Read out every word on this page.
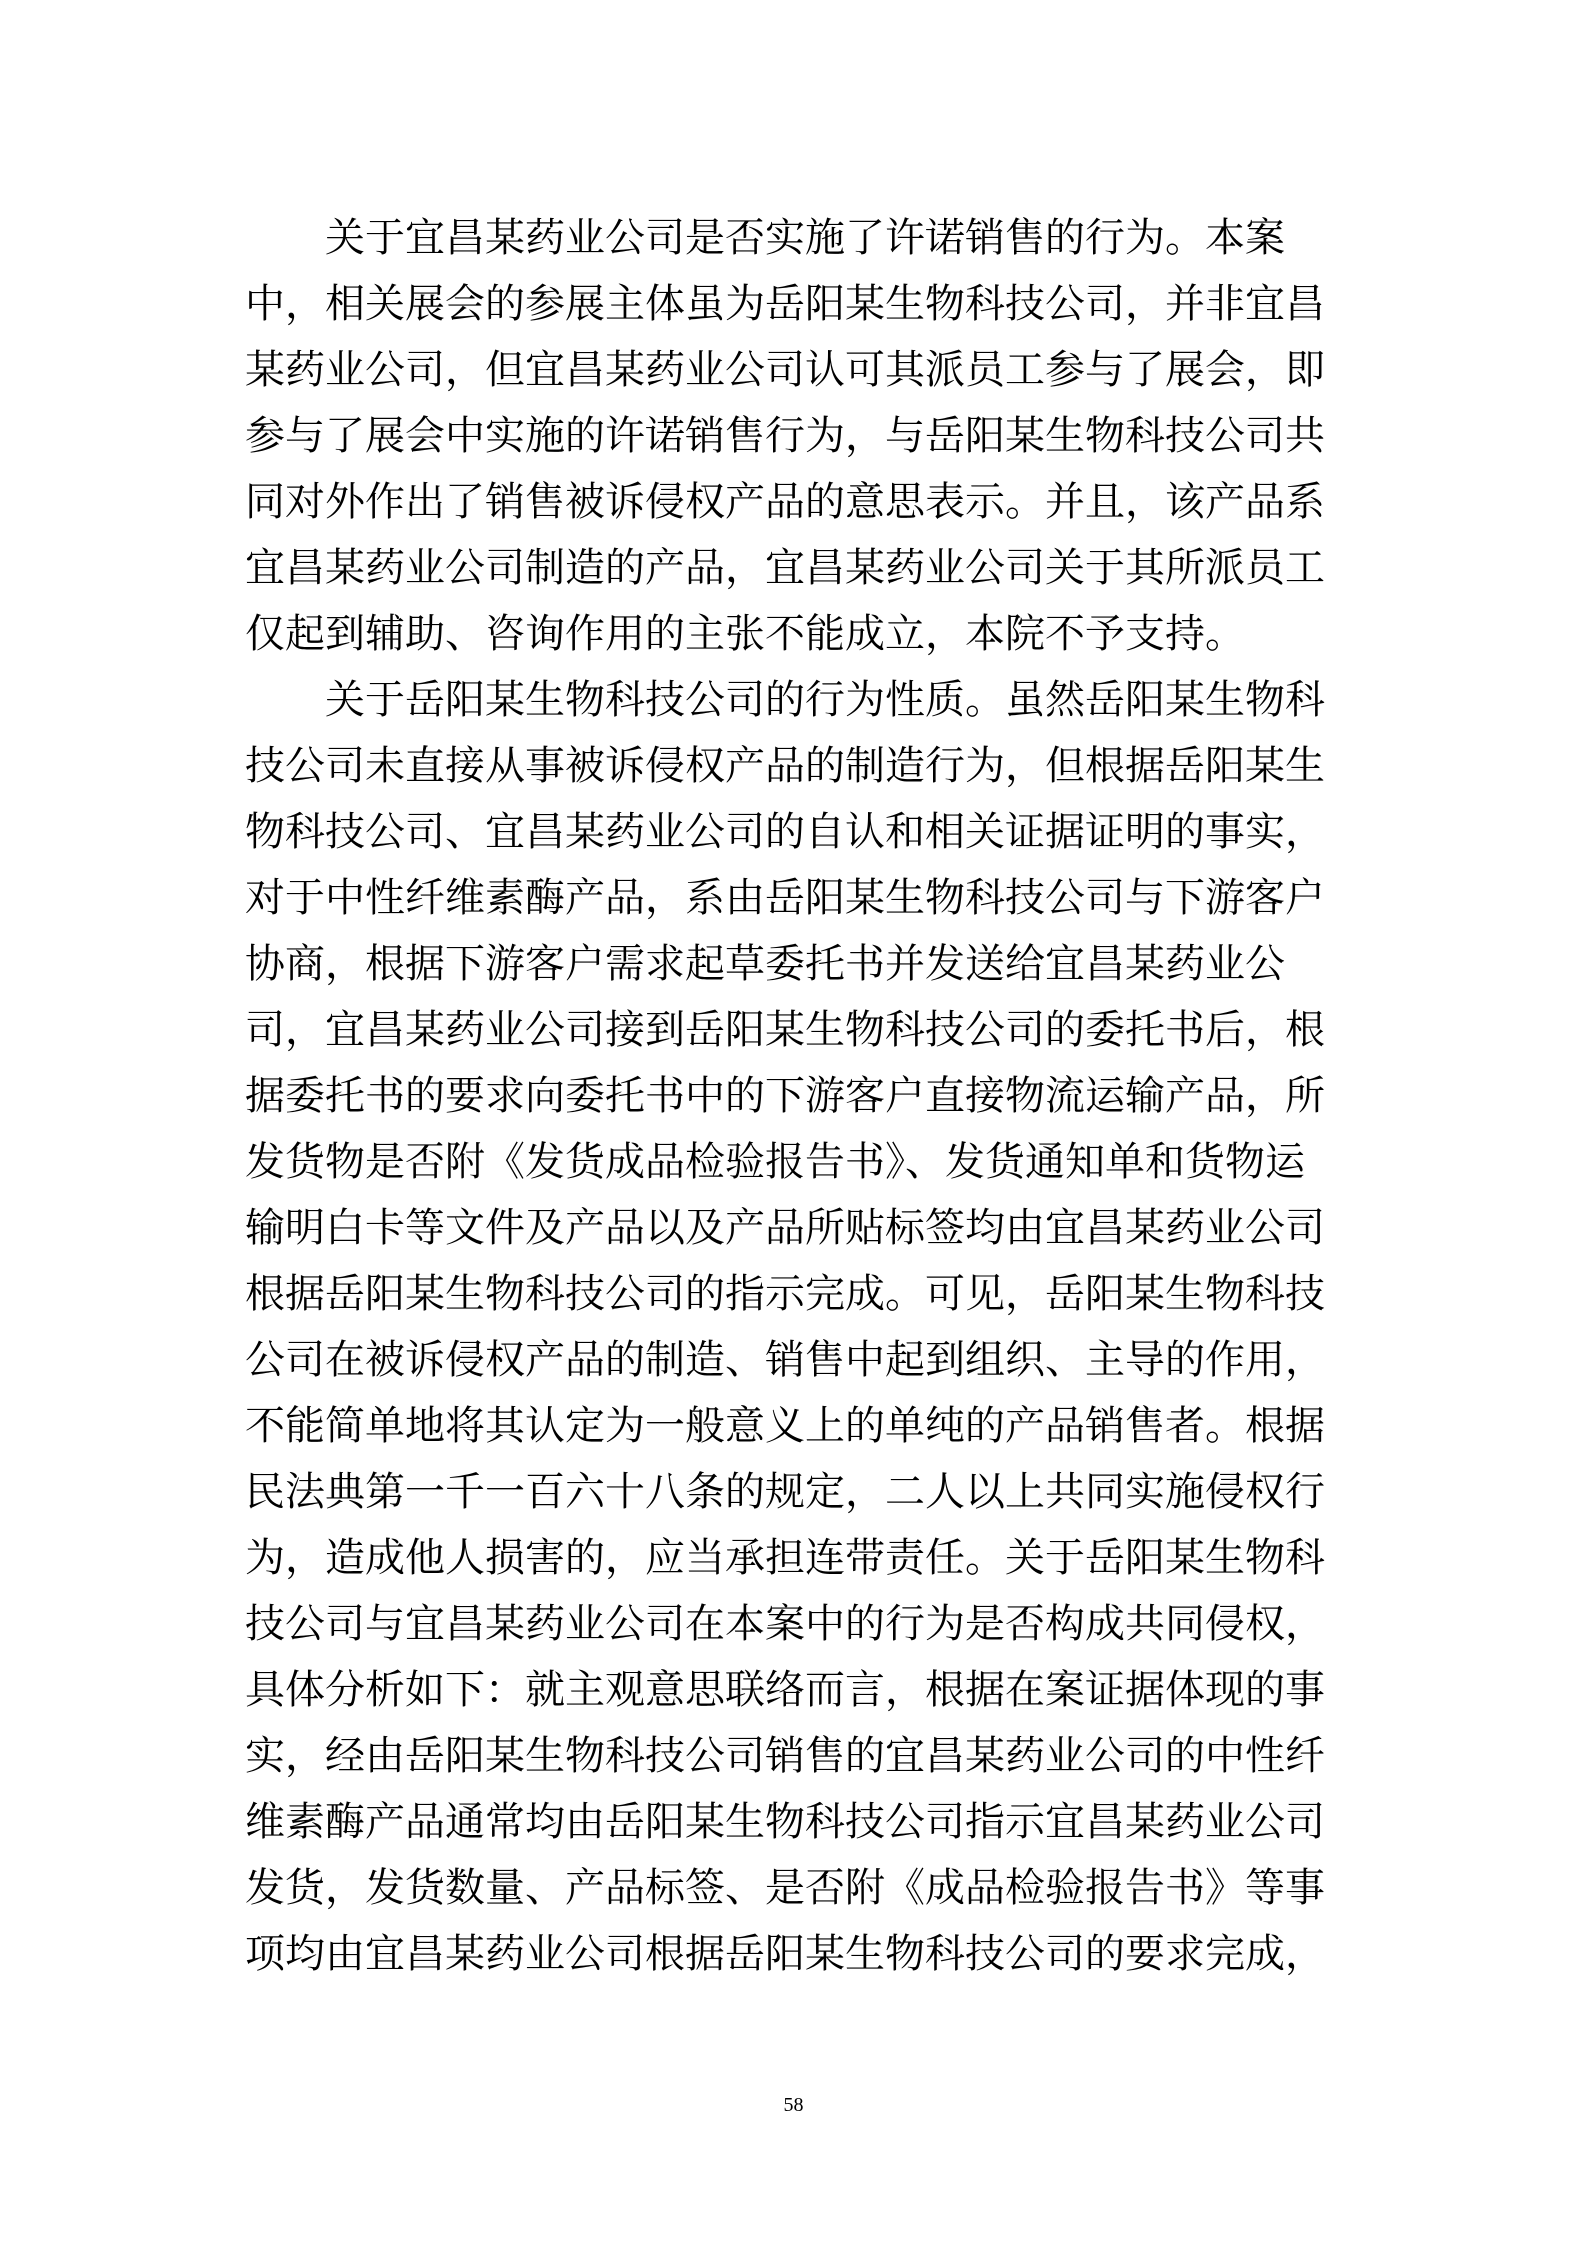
关于宜昌某药业公司是否实施了许诺销售的行为。本案
中，相关展会的参展主体虽为岳阳某生物科技公司，并非宜昌
某药业公司，但宜昌某药业公司认可其派员工参与了展会，即
参与了展会中实施的许诺销售行为，与岳阳某生物科技公司共
同对外作出了销售被诉侵权产品的意思表示。并且，该产品系
宜昌某药业公司制造的产品，宜昌某药业公司关于其所派员工
仅起到辅助、咨询作用的主张不能成立，本院不予支持。
关于岳阳某生物科技公司的行为性质。虽然岳阳某生物科
技公司未直接从事被诉侵权产品的制造行为，但根据岳阳某生
物科技公司、宜昌某药业公司的自认和相关证据证明的事实，
对于中性纤维素酶产品，系由岳阳某生物科技公司与下游客户
协商，根据下游客户需求起草委托书并发送给宜昌某药业公
司，宜昌某药业公司接到岳阳某生物科技公司的委托书后，根
据委托书的要求向委托书中的下游客户直接物流运输产品，所
发货物是否附《发货成品检验报告书》、发货通知单和货物运
输明白卡等文件及产品以及产品所贴标签均由宜昌某药业公司
根据岳阳某生物科技公司的指示完成。可见，岳阳某生物科技
公司在被诉侵权产品的制造、销售中起到组织、主导的作用，
不能简单地将其认定为一般意义上的单纯的产品销售者。根据
民法典第一千一百六十八条的规定，二人以上共同实施侵权行
为，造成他人损害的，应当承担连带责任。关于岳阳某生物科
技公司与宜昌某药业公司在本案中的行为是否构成共同侵权，
具体分析如下：就主观意思联络而言，根据在案证据体现的事
实，经由岳阳某生物科技公司销售的宜昌某药业公司的中性纤
维素酶产品通常均由岳阳某生物科技公司指示宜昌某药业公司
发货，发货数量、产品标签、是否附《成品检验报告书》等事
项均由宜昌某药业公司根据岳阳某生物科技公司的要求完成，
58
